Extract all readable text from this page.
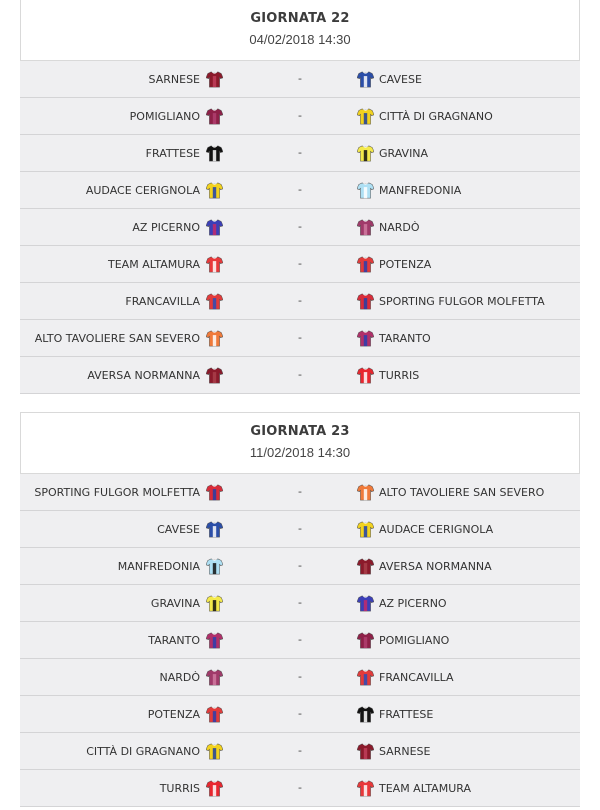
GIORNATA 22
04/02/2018 14:30
SARNESE	-	CAVESE
POMIGLIANO	-	CITTÀ DI GRAGNANO
FRATTESE	-	GRAVINA
AUDACE CERIGNOLA	-	MANFREDONIA
AZ PICERNO	-	NARDÒ
TEAM ALTAMURA	-	POTENZA
FRANCAVILLA	-	SPORTING FULGOR MOLFETTA
ALTO TAVOLIERE SAN SEVERO	-	TARANTO
AVERSA NORMANNA	-	TURRIS
GIORNATA 23
11/02/2018 14:30
SPORTING FULGOR MOLFETTA	-	ALTO TAVOLIERE SAN SEVERO
CAVESE	-	AUDACE CERIGNOLA
MANFREDONIA	-	AVERSA NORMANNA
GRAVINA	-	AZ PICERNO
TARANTO	-	POMIGLIANO
NARDÒ	-	FRANCAVILLA
POTENZA	-	FRATTESE
CITTÀ DI GRAGNANO	-	SARNESE
TURRIS	-	TEAM ALTAMURA
